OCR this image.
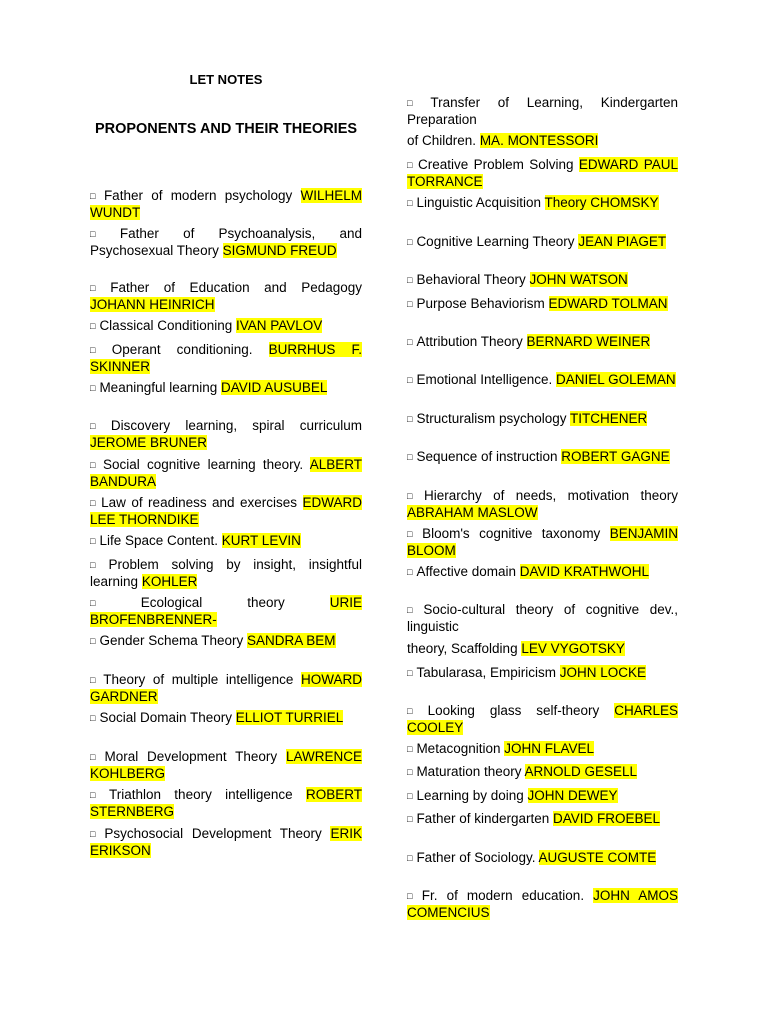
LET NOTES
PROPONENTS AND THEIR THEORIES
□ Father of modern psychology WILHELM WUNDT
□ Father of Psychoanalysis, and Psychosexual Theory SIGMUND FREUD
□ Father of Education and Pedagogy JOHANN HEINRICH
□ Classical Conditioning IVAN PAVLOV
□ Operant conditioning. BURRHUS F. SKINNER
□ Meaningful learning DAVID AUSUBEL
□ Discovery learning, spiral curriculum JEROME BRUNER
□ Social cognitive learning theory. ALBERT BANDURA
□ Law of readiness and exercises EDWARD LEE THORNDIKE
□ Life Space Content. KURT LEVIN
□ Problem solving by insight, insightful learning KOHLER
□ Ecological theory	URIE BROFENBRENNER-
□ Gender Schema Theory SANDRA BEM
□ Theory of multiple intelligence HOWARD GARDNER
□ Social Domain Theory ELLIOT TURRIEL
□ Moral Development Theory LAWRENCE KOHLBERG
□ Triathlon theory intelligence ROBERT STERNBERG
□ Psychosocial Development Theory ERIK ERIKSON
□ Transfer of Learning, Kindergarten Preparation
of Children. MA. MONTESSORI
□ Creative Problem Solving EDWARD PAUL TORRANCE
□ Linguistic Acquisition Theory CHOMSKY
□ Cognitive Learning Theory JEAN PIAGET
□ Behavioral Theory JOHN WATSON
□ Purpose Behaviorism EDWARD TOLMAN
□ Attribution Theory BERNARD WEINER
□ Emotional Intelligence. DANIEL GOLEMAN
□ Structuralism psychology TITCHENER
□ Sequence of instruction ROBERT GAGNE
□ Hierarchy of needs, motivation theory ABRAHAM MASLOW
□ Bloom's cognitive taxonomy BENJAMIN BLOOM
□ Affective domain DAVID KRATHWOHL
□ Socio-cultural theory of cognitive dev., linguistic
theory, Scaffolding LEV VYGOTSKY
□ Tabularasa, Empiricism JOHN LOCKE
□ Looking glass self-theory CHARLES COOLEY
□ Metacognition JOHN FLAVEL
□ Maturation theory ARNOLD GESELL
□ Learning by doing JOHN DEWEY
□ Father of kindergarten DAVID FROEBEL
□ Father of Sociology. AUGUSTE COMTE
□ Fr. of modern education. JOHN AMOS COMENCIUS
